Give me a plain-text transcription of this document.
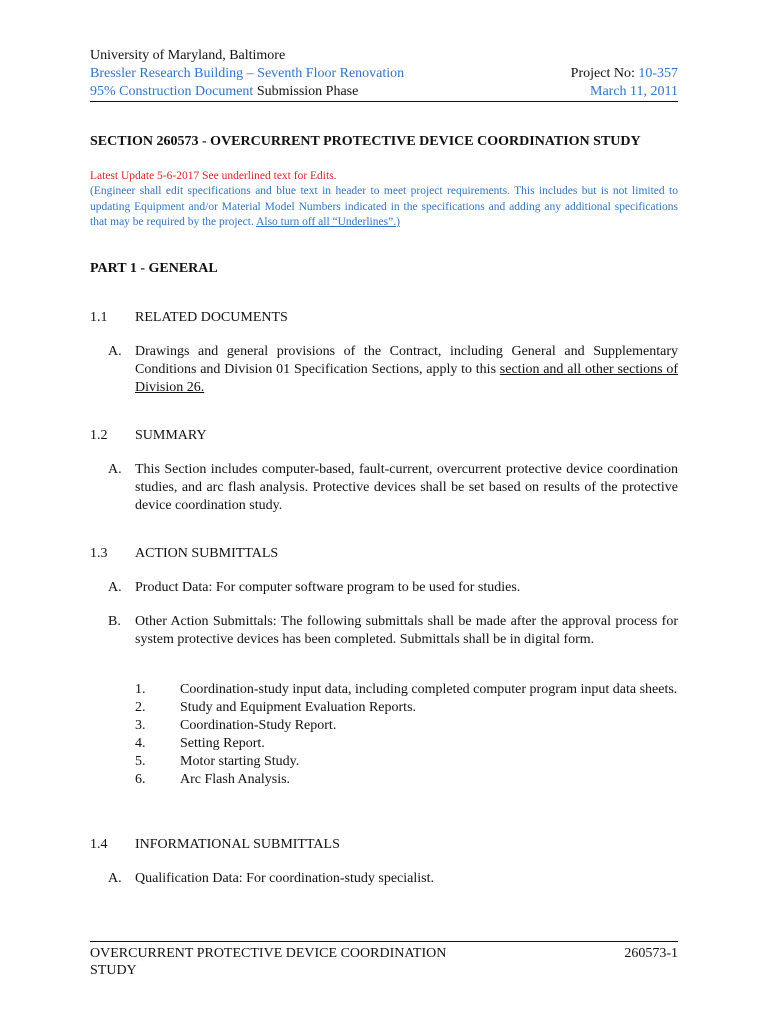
University of Maryland, Baltimore
Bressler Research Building – Seventh Floor Renovation	Project No: 10-357
95% Construction Document Submission Phase	March 11, 2011
SECTION 260573 - OVERCURRENT PROTECTIVE DEVICE COORDINATION STUDY
Latest Update 5-6-2017 See underlined text for Edits.
(Engineer shall edit specifications and blue text in header to meet project requirements. This includes but is not limited to updating Equipment and/or Material Model Numbers indicated in the specifications and adding any additional specifications that may be required by the project. Also turn off all “Underlines”.)
PART 1 - GENERAL
1.1 RELATED DOCUMENTS
A. Drawings and general provisions of the Contract, including General and Supplementary Conditions and Division 01 Specification Sections, apply to this section and all other sections of Division 26.
1.2 SUMMARY
A. This Section includes computer-based, fault-current, overcurrent protective device coordination studies, and arc flash analysis. Protective devices shall be set based on results of the protective device coordination study.
1.3 ACTION SUBMITTALS
A. Product Data: For computer software program to be used for studies.
B. Other Action Submittals: The following submittals shall be made after the approval process for system protective devices has been completed. Submittals shall be in digital form.
1. Coordination-study input data, including completed computer program input data sheets.
2. Study and Equipment Evaluation Reports.
3. Coordination-Study Report.
4. Setting Report.
5. Motor starting Study.
6. Arc Flash Analysis.
1.4 INFORMATIONAL SUBMITTALS
A. Qualification Data: For coordination-study specialist.
OVERCURRENT PROTECTIVE DEVICE COORDINATION STUDY
260573-1
